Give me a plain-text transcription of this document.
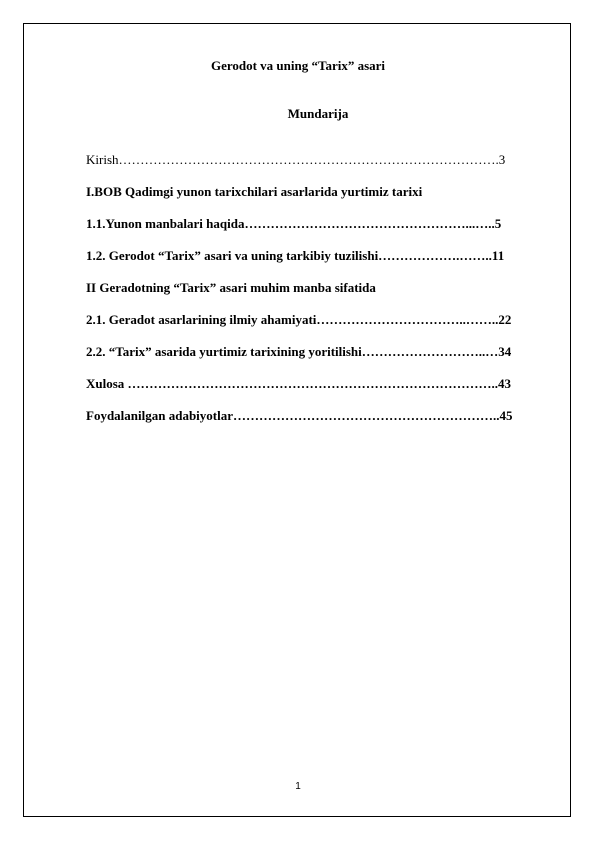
Gerodot va uning “Tarix” asari
Mundarija
Kirish…………………………………………………………………………….3
I.BOB Qadimgi yunon tarixchilari asarlarida yurtimiz tarixi
1.1.Yunon manbalari haqida……………………………………………...…..5
1.2. Gerodot “Tarix” asari va uning tarkibiy tuzilishi……………….……..11
II Geradotning “Tarix” asari muhim manba sifatida
2.1. Geradot asarlarining ilmiy ahamiyati……………………………..……..22
2.2. “Tarix” asarida yurtimiz tarixining yoritilishi………………………..…34
Xulosa …………………………………………………………………………..43
Foydalanilgan adabiyotlar……………………………………………………..45
1
